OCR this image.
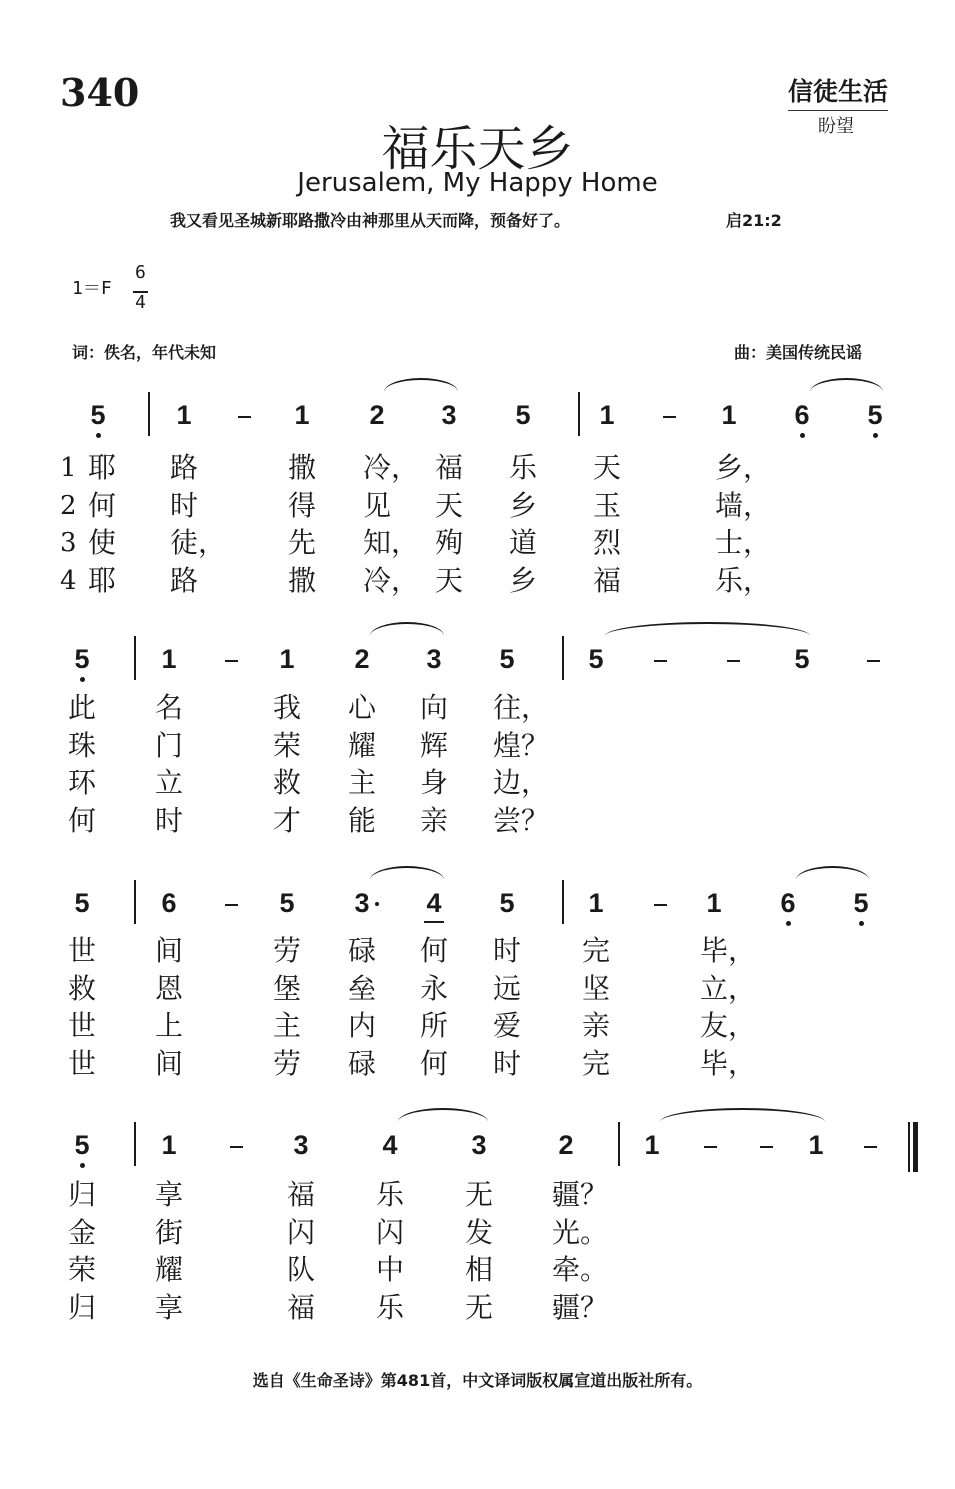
340	信徒生活
盼望
福乐天乡
Jerusalem, My Happy Home
我又看见圣城新耶路撒冷由神那里从天而降，预备好了。	启21:2
1＝F
6
4
词：佚名，年代未知	曲：美国传统民谣
5	1	1 2 3 5	1	1 6 5
1 耶	路	撒	冷， 福	乐	天	乡，
2 何	时	得	见	天	乡	玉	墙，
3 使	徒， 先	知， 殉	道	烈	士，
4 耶	路	撒	冷， 天	乡	福	乐，
5	1	1 2 3 5	5	5
此	名	我	心	向	往，
珠	门	荣	耀	辉	煌？
环	立	救	主	身	边，
何	时	才	能	亲	尝？
5	6	5 3 4 5	1	1 6 5
世	间	劳	碌	何	时	完	毕，
救	恩	堡	垒	永	远	坚	立，
世	上	主	内	所	爱	亲	友，
世	间	劳	碌	何	时	完	毕，
5	1	3	4	3	2	1	1
归	享	福	乐	无	疆？
金	街	闪	闪	发	光。
荣	耀	队	中	相	牵。
归	享	福	乐	无	疆？
选自《生命圣诗》第481首，中文译词版权属宣道出版社所有。
